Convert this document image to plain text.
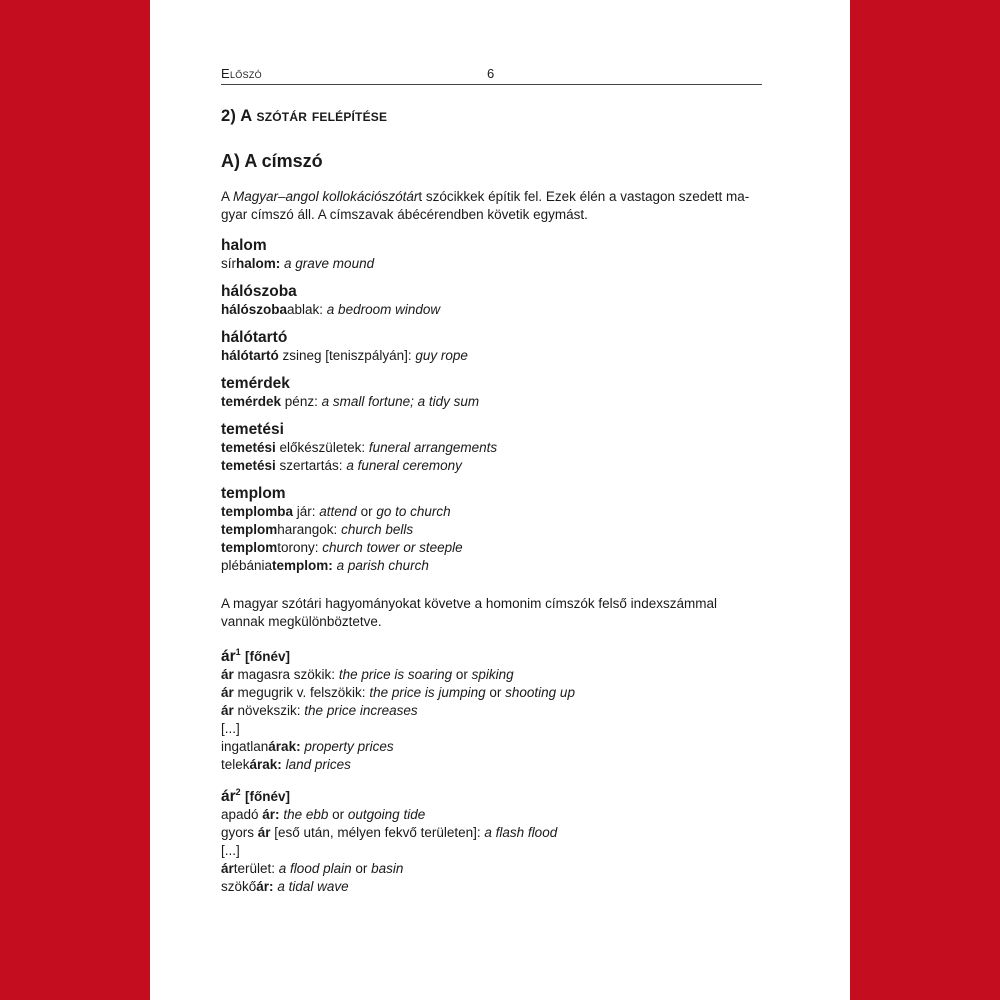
Előszó	6
2) A szótár felépítése
A) A címszó

A Magyar–angol kollokációszótárt szócikkek építik fel. Ezek élén a vastagon szedett ma-gyar címszó áll. A címszavak ábécérendben követik egymást.

halom
sírhalom: a grave mound
hálószoba
hálószobaablak: a bedroom window
hálótartó
hálótartó zsineg [teniszpályán]: guy rope
temérdek
temérdek pénz: a small fortune; a tidy sum
temetési
temetési előkészületek: funeral arrangements
temetési szertartás: a funeral ceremony
templom
templomba jár: attend or go to church
templomharangok: church bells
templomtorony: church tower or steeple
plébániatemplom: a parish church

A magyar szótári hagyományokat követve a homonim címszók felső indexszámmal vannak megkülönböztetve.

$ár^1$ [főnév]
ár magasra szökik: the price is soaring or spiking
ár megugrik v. felszökik: the price is jumping or shooting up
ár növekszik: the price increases
[...]
ingatlanárak: property prices
telekárak: land prices
$ár^2$ [főnév]
apadó ár: the ebb or outgoing tide
gyors ár [eső után, mélyen fekvő területen]: a flash flood
[...]
árterület: a flood plain or basin
szökőár: a tidal wave
